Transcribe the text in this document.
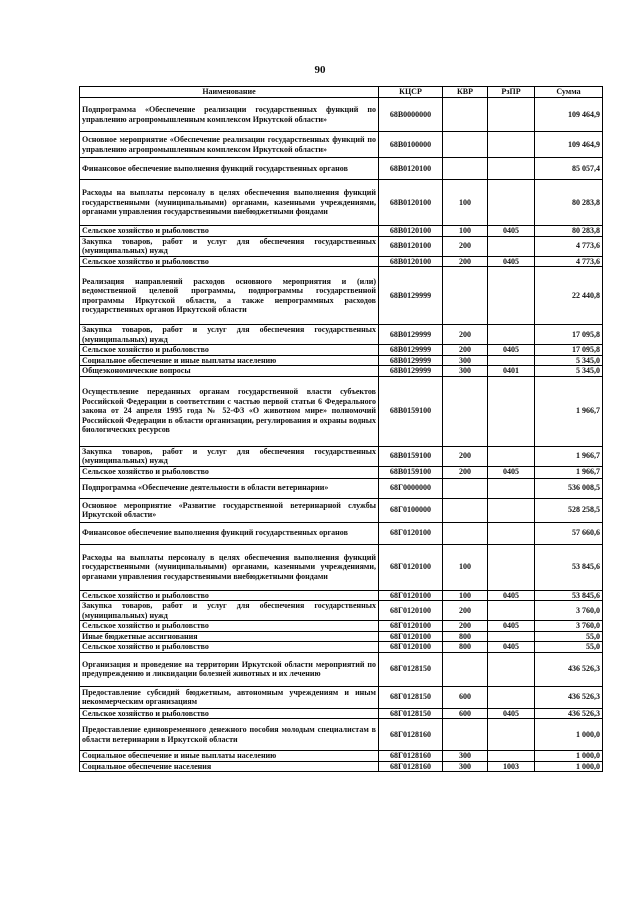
90
Наименование	КЦСР	КВР	РзПР	Сумма
Подпрограмма «Обеспечение реализации государственных функций по управлению агропромышленным комплексом Иркутской области»	68В0000000			109 464,9
Основное мероприятие «Обеспечение реализации государственных функций по управлению агропромышленным комплексом Иркутской области»	68В0100000			109 464,9
Финансовое обеспечение выполнения функций государственных органов	68В0120100			85 057,4
Расходы на выплаты персоналу в целях обеспечения выполнения функций государственными (муниципальными) органами, казенными учреждениями, органами управления государственными внебюджетными фондами	68В0120100	100		80 283,8
Сельское хозяйство и рыболовство	68В0120100	100	0405	80 283,8
Закупка товаров, работ и услуг для обеспечения государственных (муниципальных) нужд	68В0120100	200		4 773,6
Сельское хозяйство и рыболовство	68В0120100	200	0405	4 773,6
Реализация направлений расходов основного мероприятия и (или) ведомственной целевой программы, подпрограммы государственной программы Иркутской области, а также непрограммных расходов государственных органов Иркутской области	68В0129999			22 440,8
Закупка товаров, работ и услуг для обеспечения государственных (муниципальных) нужд	68В0129999	200		17 095,8
Сельское хозяйство и рыболовство	68В0129999	200	0405	17 095,8
Социальное обеспечение и иные выплаты населению	68В0129999	300		5 345,0
Общеэкономические вопросы	68В0129999	300	0401	5 345,0
Осуществление переданных органам государственной власти субъектов Российской Федерации в соответствии с частью первой статьи 6 Федерального закона от 24 апреля 1995 года № 52-ФЗ «О животном мире» полномочий Российской Федерации в области организации, регулирования и охраны водных биологических ресурсов	68В0159100			1 966,7
Закупка товаров, работ и услуг для обеспечения государственных (муниципальных) нужд	68В0159100	200		1 966,7
Сельское хозяйство и рыболовство	68В0159100	200	0405	1 966,7
Подпрограмма «Обеспечение деятельности в области ветеринарии»	68Г0000000			536 008,5
Основное мероприятие «Развитие государственной ветеринарной службы Иркутской области»	68Г0100000			528 258,5
Финансовое обеспечение выполнения функций государственных органов	68Г0120100			57 660,6
Расходы на выплаты персоналу в целях обеспечения выполнения функций государственными (муниципальными) органами, казенными учреждениями, органами управления государственными внебюджетными фондами	68Г0120100	100		53 845,6
Сельское хозяйство и рыболовство	68Г0120100	100	0405	53 845,6
Закупка товаров, работ и услуг для обеспечения государственных (муниципальных) нужд	68Г0120100	200		3 760,0
Сельское хозяйство и рыболовство	68Г0120100	200	0405	3 760,0
Иные бюджетные ассигнования	68Г0120100	800		55,0
Сельское хозяйство и рыболовство	68Г0120100	800	0405	55,0
Организация и проведение на территории Иркутской области мероприятий по предупреждению и ликвидации болезней животных и их лечению	68Г0128150			436 526,3
Предоставление субсидий бюджетным, автономным учреждениям и иным некоммерческим организациям	68Г0128150	600		436 526,3
Сельское хозяйство и рыболовство	68Г0128150	600	0405	436 526,3
Предоставление единовременного денежного пособия молодым специалистам в области ветеринарии в Иркутской области	68Г0128160			1 000,0
Социальное обеспечение и иные выплаты населению	68Г0128160	300		1 000,0
Социальное обеспечение населения	68Г0128160	300	1003	1 000,0
